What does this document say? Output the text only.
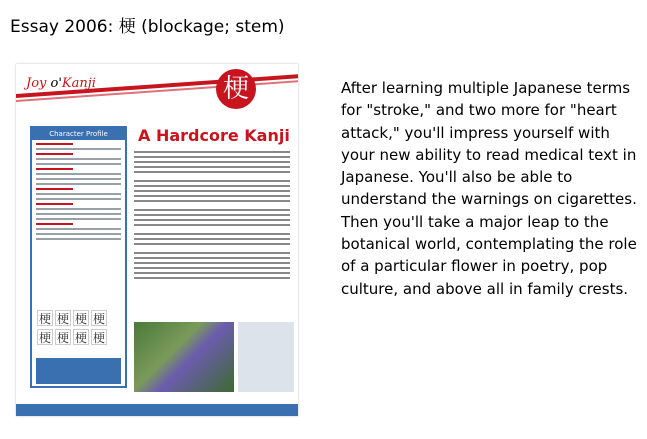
Essay 2006: 梗 (blockage; stem)
Joy o'Kanji	梗
Character Profile
梗 梗 梗 梗梗 梗 梗 梗
A Hardcore Kanji
After learning multiple Japanese terms for "stroke," and two more for "heart attack," you'll impress yourself with your new ability to read medical text in Japanese. You'll also be able to understand the warnings on cigarettes. Then you'll take a major leap to the botanical world, contemplating the role of a particular flower in poetry, pop culture, and above all in family crests.
